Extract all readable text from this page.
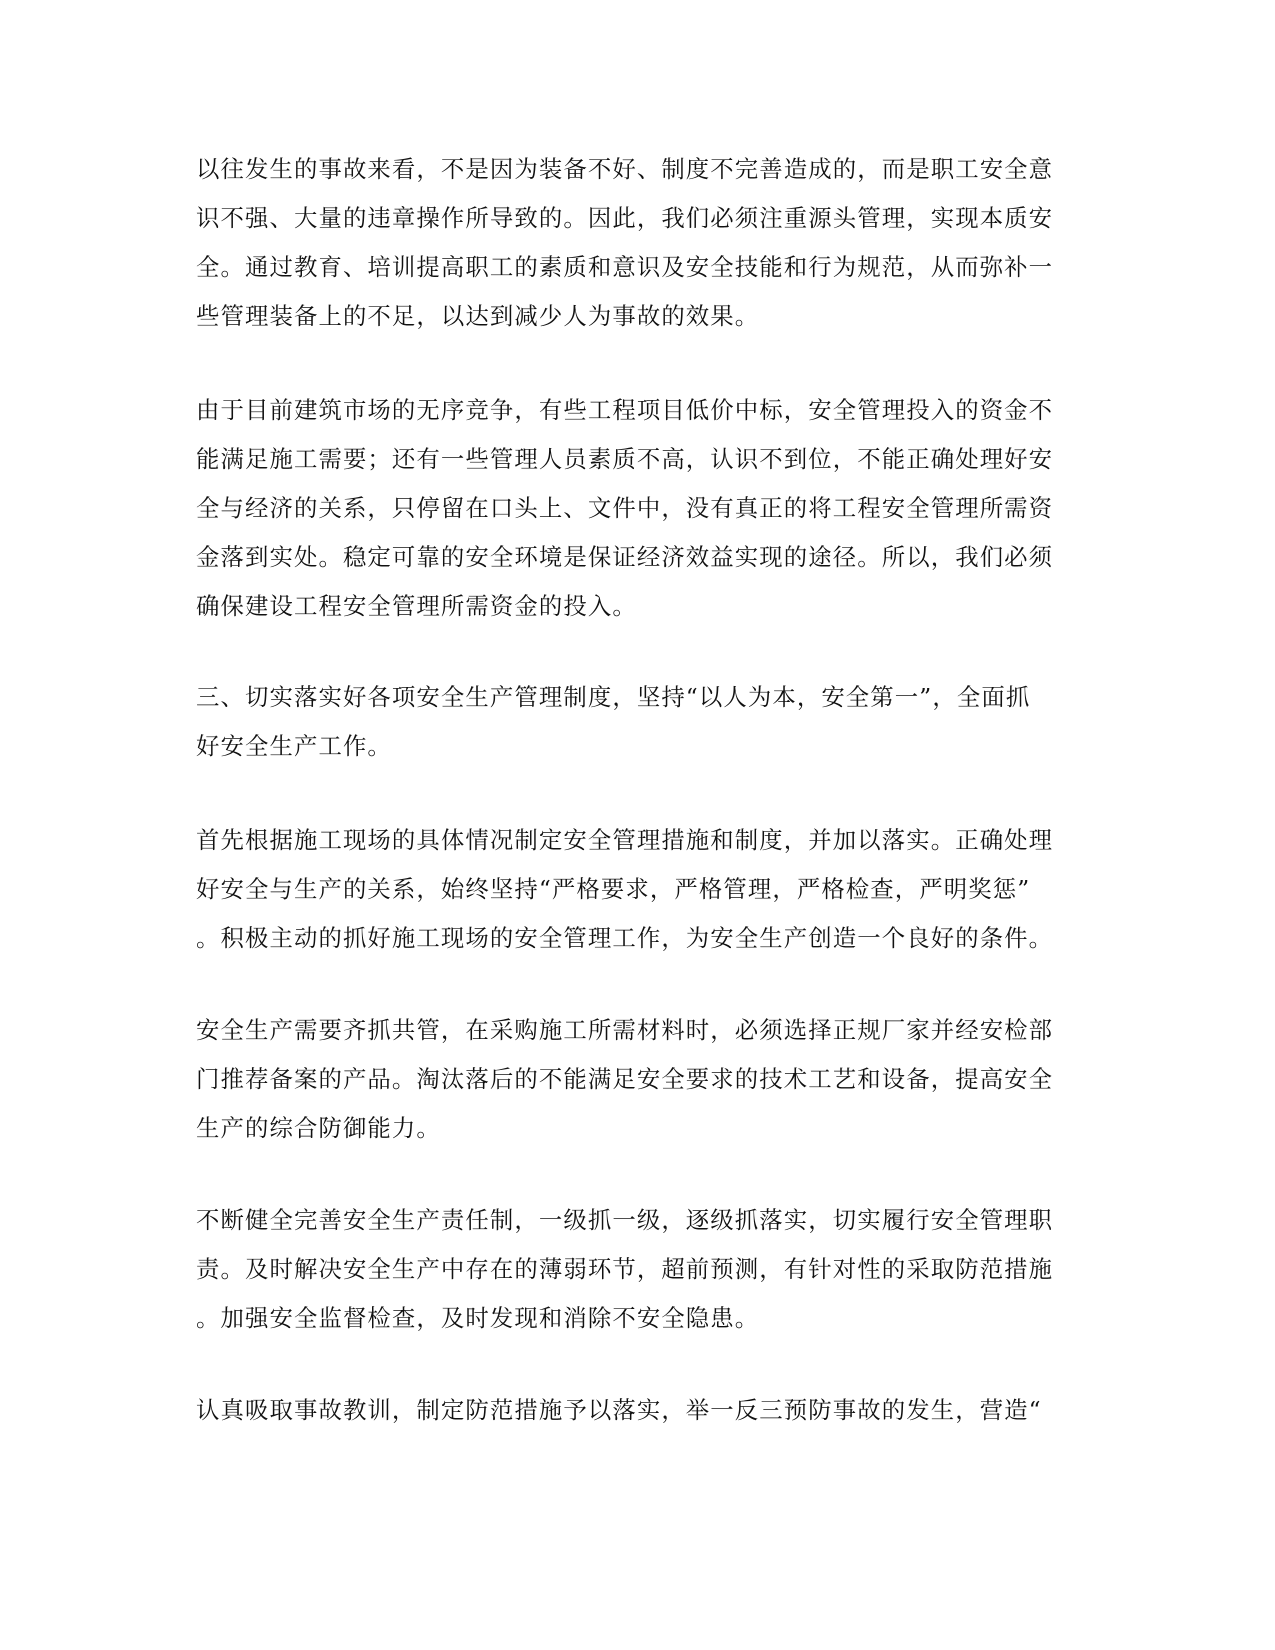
以往发生的事故来看，不是因为装备不好、制度不完善造成的，而是职工安全意
识不强、大量的违章操作所导致的。因此，我们必须注重源头管理，实现本质安
全。通过教育、培训提高职工的素质和意识及安全技能和行为规范，从而弥补一
些管理装备上的不足，以达到减少人为事故的效果。

由于目前建筑市场的无序竞争，有些工程项目低价中标，安全管理投入的资金不
能满足施工需要；还有一些管理人员素质不高，认识不到位，不能正确处理好安
全与经济的关系，只停留在口头上、文件中，没有真正的将工程安全管理所需资
金落到实处。稳定可靠的安全环境是保证经济效益实现的途径。所以，我们必须
确保建设工程安全管理所需资金的投入。

三、切实落实好各项安全生产管理制度，坚持“以人为本，安全第一”，全面抓
好安全生产工作。

首先根据施工现场的具体情况制定安全管理措施和制度，并加以落实。正确处理
好安全与生产的关系，始终坚持“严格要求，严格管理，严格检查，严明奖惩”
。积极主动的抓好施工现场的安全管理工作，为安全生产创造一个良好的条件。

安全生产需要齐抓共管，在采购施工所需材料时，必须选择正规厂家并经安检部
门推荐备案的产品。淘汰落后的不能满足安全要求的技术工艺和设备，提高安全
生产的综合防御能力。

不断健全完善安全生产责任制，一级抓一级，逐级抓落实，切实履行安全管理职
责。及时解决安全生产中存在的薄弱环节，超前预测，有针对性的采取防范措施
。加强安全监督检查，及时发现和消除不安全隐患。

认真吸取事故教训，制定防范措施予以落实，举一反三预防事故的发生，营造“
